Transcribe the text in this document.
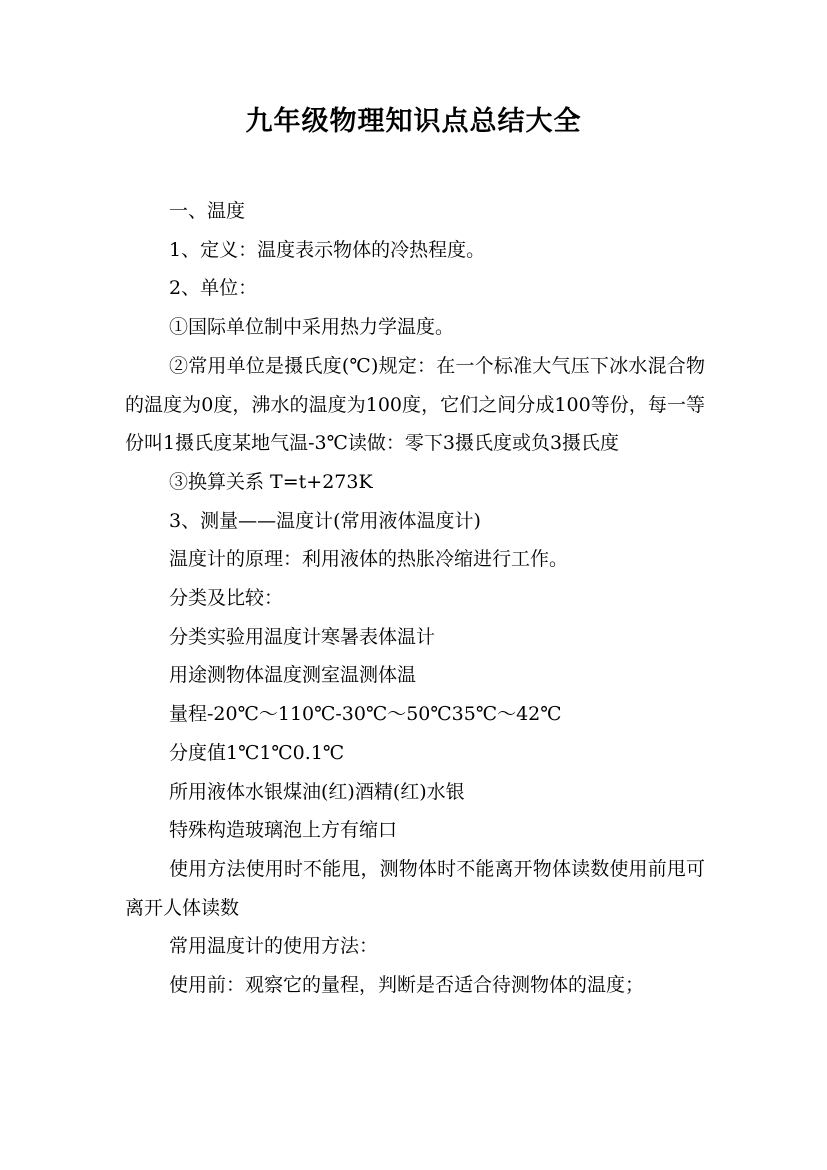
九年级物理知识点总结大全

一、温度

1、定义：温度表示物体的冷热程度。

2、单位：

①国际单位制中采用热力学温度。

②常用单位是摄氏度(℃)规定：在一个标准大气压下冰水混合物的温度为0度，沸水的温度为100度，它们之间分成100等份，每一等份叫1摄氏度某地气温-3℃读做：零下3摄氏度或负3摄氏度

③换算关系 T=t+273K

3、测量——温度计(常用液体温度计)

温度计的原理：利用液体的热胀冷缩进行工作。

分类及比较：

分类实验用温度计寒暑表体温计

用途测物体温度测室温测体温

量程-20℃～110℃-30℃～50℃35℃～42℃

分度值1℃1℃0.1℃

所用液体水银煤油(红)酒精(红)水银

特殊构造玻璃泡上方有缩口

使用方法使用时不能甩，测物体时不能离开物体读数使用前甩可离开人体读数

常用温度计的使用方法：

使用前：观察它的量程，判断是否适合待测物体的温度；
